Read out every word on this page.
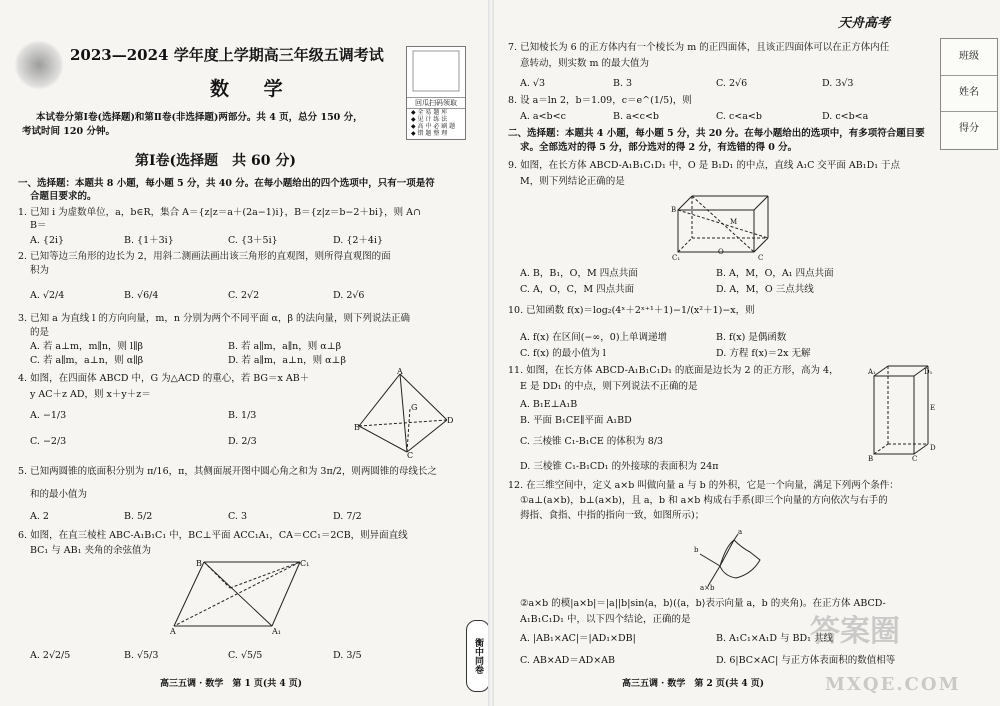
2023—2024 学年度上学期高三年级五调考试
数 学
回瓜扫码领取
◆ 全 易 题 库
◆ 见 计 练 法
◆ 高 中 必 刷 题
◆ 错 题 整 理
本试卷分第Ⅰ卷(选择题)和第Ⅱ卷(非选择题)两部分。共 4 页，总分 150 分，
考试时间 120 分钟。
第Ⅰ卷(选择题　共 60 分)
一、选择题：本题共 8 小题，每小题 5 分，共 40 分。在每小题给出的四个选项中，只有一项是符
合题目要求的。
1. 已知 i 为虚数单位，a，b∈R，集合 A＝{z|z＝a＋(2a−1)i}，B＝{z|z＝b−2＋bi}，则 A∩
B＝
A. {2i}	B. {1＋3i}	C. {3＋5i}	D. {2＋4i}
2. 已知等边三角形的边长为 2，用斜二测画法画出该三角形的直观图，则所得直观图的面
积为
A. √2/4	B. √6/4	C. 2√2	D. 2√6
3. 已知 a 为直线 l 的方向向量，m，n 分别为两个不同平面 α，β 的法向量，则下列说法正确
的是
A. 若 a⊥m，m∥n，则 l∥β	B. 若 a∥m，a∥n，则 α⊥β
C. 若 a∥m，a⊥n，则 α∥β	D. 若 a∥m，a⊥n，则 α⊥β
4. 如图，在四面体 ABCD 中，G 为△ACD 的重心，若 BG＝x AB＋
y AC＋z AD，则 x＋y＋z＝
A. −1/3	B. 1/3
C. −2/3	D. 2/3
A
B
C
D
G
5. 已知两圆锥的底面积分别为 π/16，π，其侧面展开图中圆心角之和为 3π/2，则两圆锥的母线长之
和的最小值为
A. 2	B. 5/2	C. 3	D. 7/2
6. 如图，在直三棱柱 ABC-A₁B₁C₁ 中，BC⊥平面 ACC₁A₁，CA＝CC₁＝2CB，则异面直线
BC₁ 与 AB₁ 夹角的余弦值为
B	C₁
A	A₁
A. 2√2/5	B. √5/3	C. √5/5	D. 3/5
高三五调 · 数学　第 1 页(共 4 页)
衡中同卷
天舟高考
班级
姓名
得分
7. 已知棱长为 6 的正方体内有一个棱长为 m 的正四面体，且该正四面体可以在正方体内任
意转动，则实数 m 的最大值为
A. √3	B. 3	C. 2√6	D. 3√3
8. 设 a＝ln 2，b＝1.09，c＝e^(1/5)，则
A. a<b<c	B. a<c<b	C. c<a<b	D. c<b<a
二、选择题：本题共 4 小题，每小题 5 分，共 20 分。在每小题给出的选项中，有多项符合题目要
求。全部选对的得 5 分，部分选对的得 2 分，有选错的得 0 分。
9. 如图，在长方体 ABCD-A₁B₁C₁D₁ 中，O 是 B₁D₁ 的中点，直线 A₁C 交平面 AB₁D₁ 于点
M，则下列结论正确的是
B
C
M
O
C₁
A. B，B₁，O，M 四点共面	B. A，M，O，A₁ 四点共面
C. A，O，C，M 四点共面	D. A，M，O 三点共线
10. 已知函数 f(x)＝log₂(4ˣ＋2ˣ⁺¹＋1)−1/(x²＋1)−x，则
A. f(x) 在区间(−∞，0)上单调递增	B. f(x) 是偶函数
C. f(x) 的最小值为 l	D. 方程 f(x)＝2x 无解
11. 如图，在长方体 ABCD-A₁B₁C₁D₁ 的底面是边长为 2 的正方形，高为 4，
E 是 DD₁ 的中点，则下列说法不正确的是
A. B₁E⊥A₁B
B. 平面 B₁CE∥平面 A₁BD
C. 三棱锥 C₁-B₁CE 的体积为 8/3
D. 三棱锥 C₁-B₁CD₁ 的外接球的表面积为 24π
A₁	D₁
E
D
B	C
12. 在三维空间中，定义 a×b 叫做向量 a 与 b 的外积，它是一个向量，满足下列两个条件：
①a⊥(a×b)，b⊥(a×b)，且 a，b 和 a×b 构成右手系(即三个向量的方向依次与右手的
拇指、食指、中指的指向一致，如图所示)；
a
b
a×b
②a×b 的模|a×b|＝|a||b|sin⟨a，b⟩(⟨a，b⟩表示向量 a，b 的夹角)。在正方体 ABCD-
A₁B₁C₁D₁ 中，以下四个结论，正确的是
A. |AB₁×AC|＝|AD₁×DB|	B. A₁C₁×A₁D 与 BD₁ 共线
C. AB×AD＝AD×AB	D. 6|BC×AC| 与正方体表面积的数值相等
高三五调 · 数学　第 2 页(共 4 页)
答案圈
MXQE.COM
